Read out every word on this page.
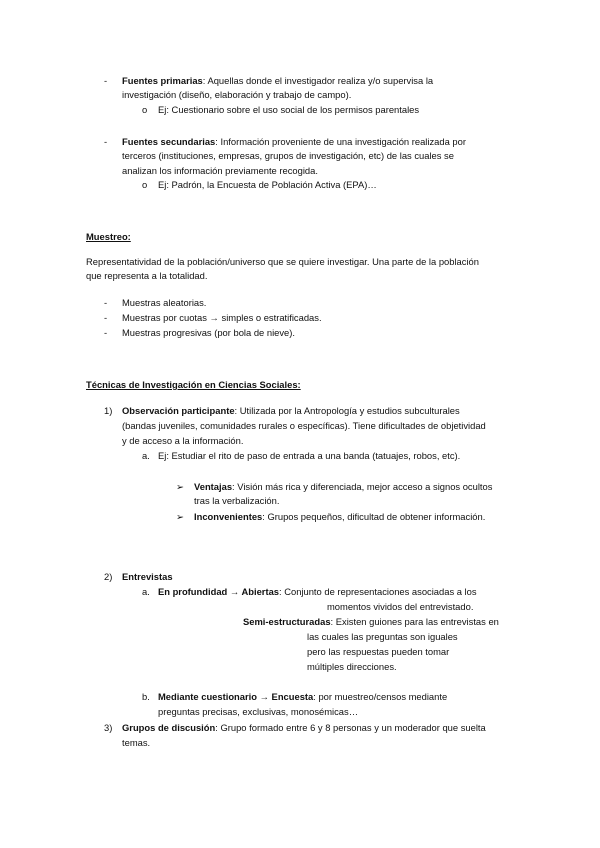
- Fuentes primarias: Aquellas donde el investigador realiza y/o supervisa la
investigación (diseño, elaboración y trabajo de campo).
o Ej: Cuestionario sobre el uso social de los permisos parentales
- Fuentes secundarias: Información proveniente de una investigación realizada por
terceros (instituciones, empresas, grupos de investigación, etc) de las cuales se
analizan los información previamente recogida.
o Ej: Padrón, la Encuesta de Población Activa (EPA)…
Muestreo:
Representatividad de la población/universo que se quiere investigar. Una parte de la población
que representa a la totalidad.
- Muestras aleatorias.
- Muestras por cuotas → simples o estratificadas.
- Muestras progresivas (por bola de nieve).
Técnicas de Investigación en Ciencias Sociales:
1) Observación participante: Utilizada por la Antropología y estudios subculturales
(bandas juveniles, comunidades rurales o específicas). Tiene dificultades de objetividad
y de acceso a la información.
a. Ej: Estudiar el rito de paso de entrada a una banda (tatuajes, robos, etc).
➢ Ventajas: Visión más rica y diferenciada, mejor acceso a signos ocultos
tras la verbalización.
➢ Inconvenientes: Grupos pequeños, dificultad de obtener información.
2) Entrevistas
a. En profundidad → Abiertas: Conjunto de representaciones asociadas a los
momentos vividos del entrevistado.
Semi-estructuradas: Existen guiones para las entrevistas en
las cuales las preguntas son iguales
pero las respuestas pueden tomar
múltiples direcciones.
b. Mediante cuestionario → Encuesta: por muestreo/censos mediante
preguntas precisas, exclusivas, monosémicas…
3) Grupos de discusión: Grupo formado entre 6 y 8 personas y un moderador que suelta
temas.
